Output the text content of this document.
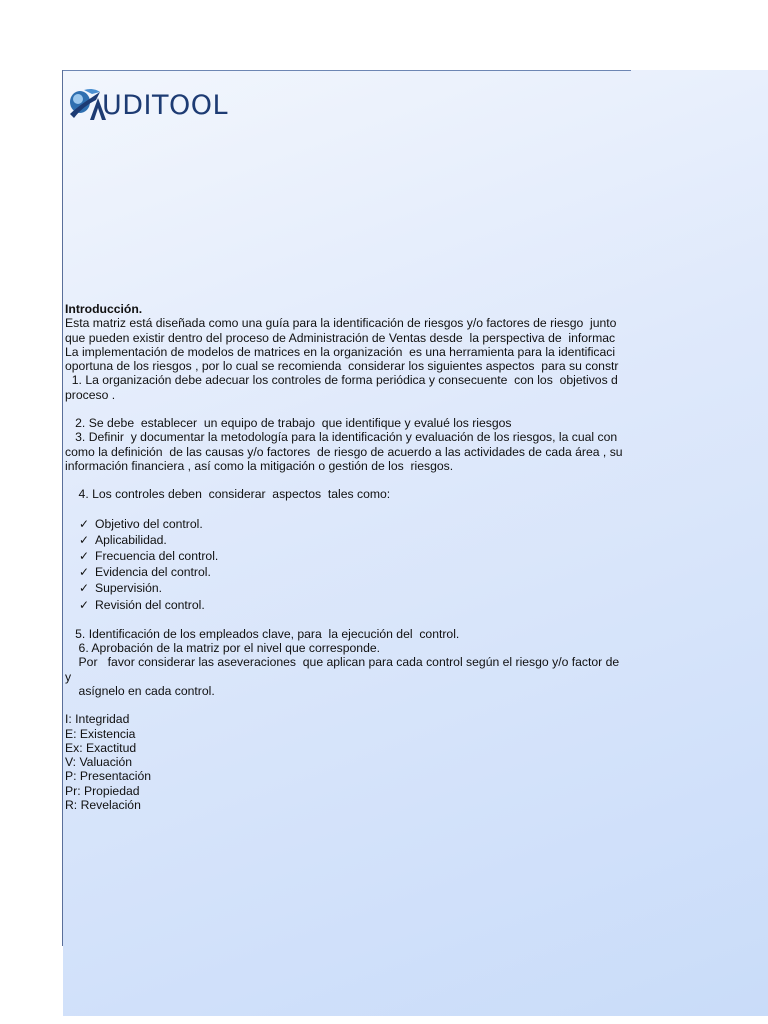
UDITOOL
Introducción.
Esta matriz está diseñada como una guía para la identificación de riesgos y/o factores de riesgo  junto
que pueden existir dentro del proceso de Administración de Ventas desde  la perspectiva de  informac
La implementación de modelos de matrices en la organización  es una herramienta para la identificaci
oportuna de los riesgos , por lo cual se recomienda  considerar los siguientes aspectos  para su constr
1. La organización debe adecuar los controles de forma periódica y consecuente  con los  objetivos d
proceso .
2. Se debe  establecer  un equipo de trabajo  que identifique y evalué los riesgos
3. Definir  y documentar la metodología para la identificación y evaluación de los riesgos, la cual con
como la definición  de las causas y/o factores  de riesgo de acuerdo a las actividades de cada área , su
información financiera , así como la mitigación o gestión de los  riesgos.
4. Los controles deben  considerar  aspectos  tales como:
✓ Objetivo del control.
✓ Aplicabilidad.
✓ Frecuencia del control.
✓ Evidencia del control.
✓ Supervisión.
✓ Revisión del control.
5. Identificación de los empleados clave, para  la ejecución del  control.
6. Aprobación de la matriz por el nivel que corresponde.
Por   favor considerar las aseveraciones  que aplican para cada control según el riesgo y/o factor de
y
asígnelo en cada control.
I: Integridad
E: Existencia
Ex: Exactitud
V: Valuación
P: Presentación
Pr: Propiedad
R: Revelación
